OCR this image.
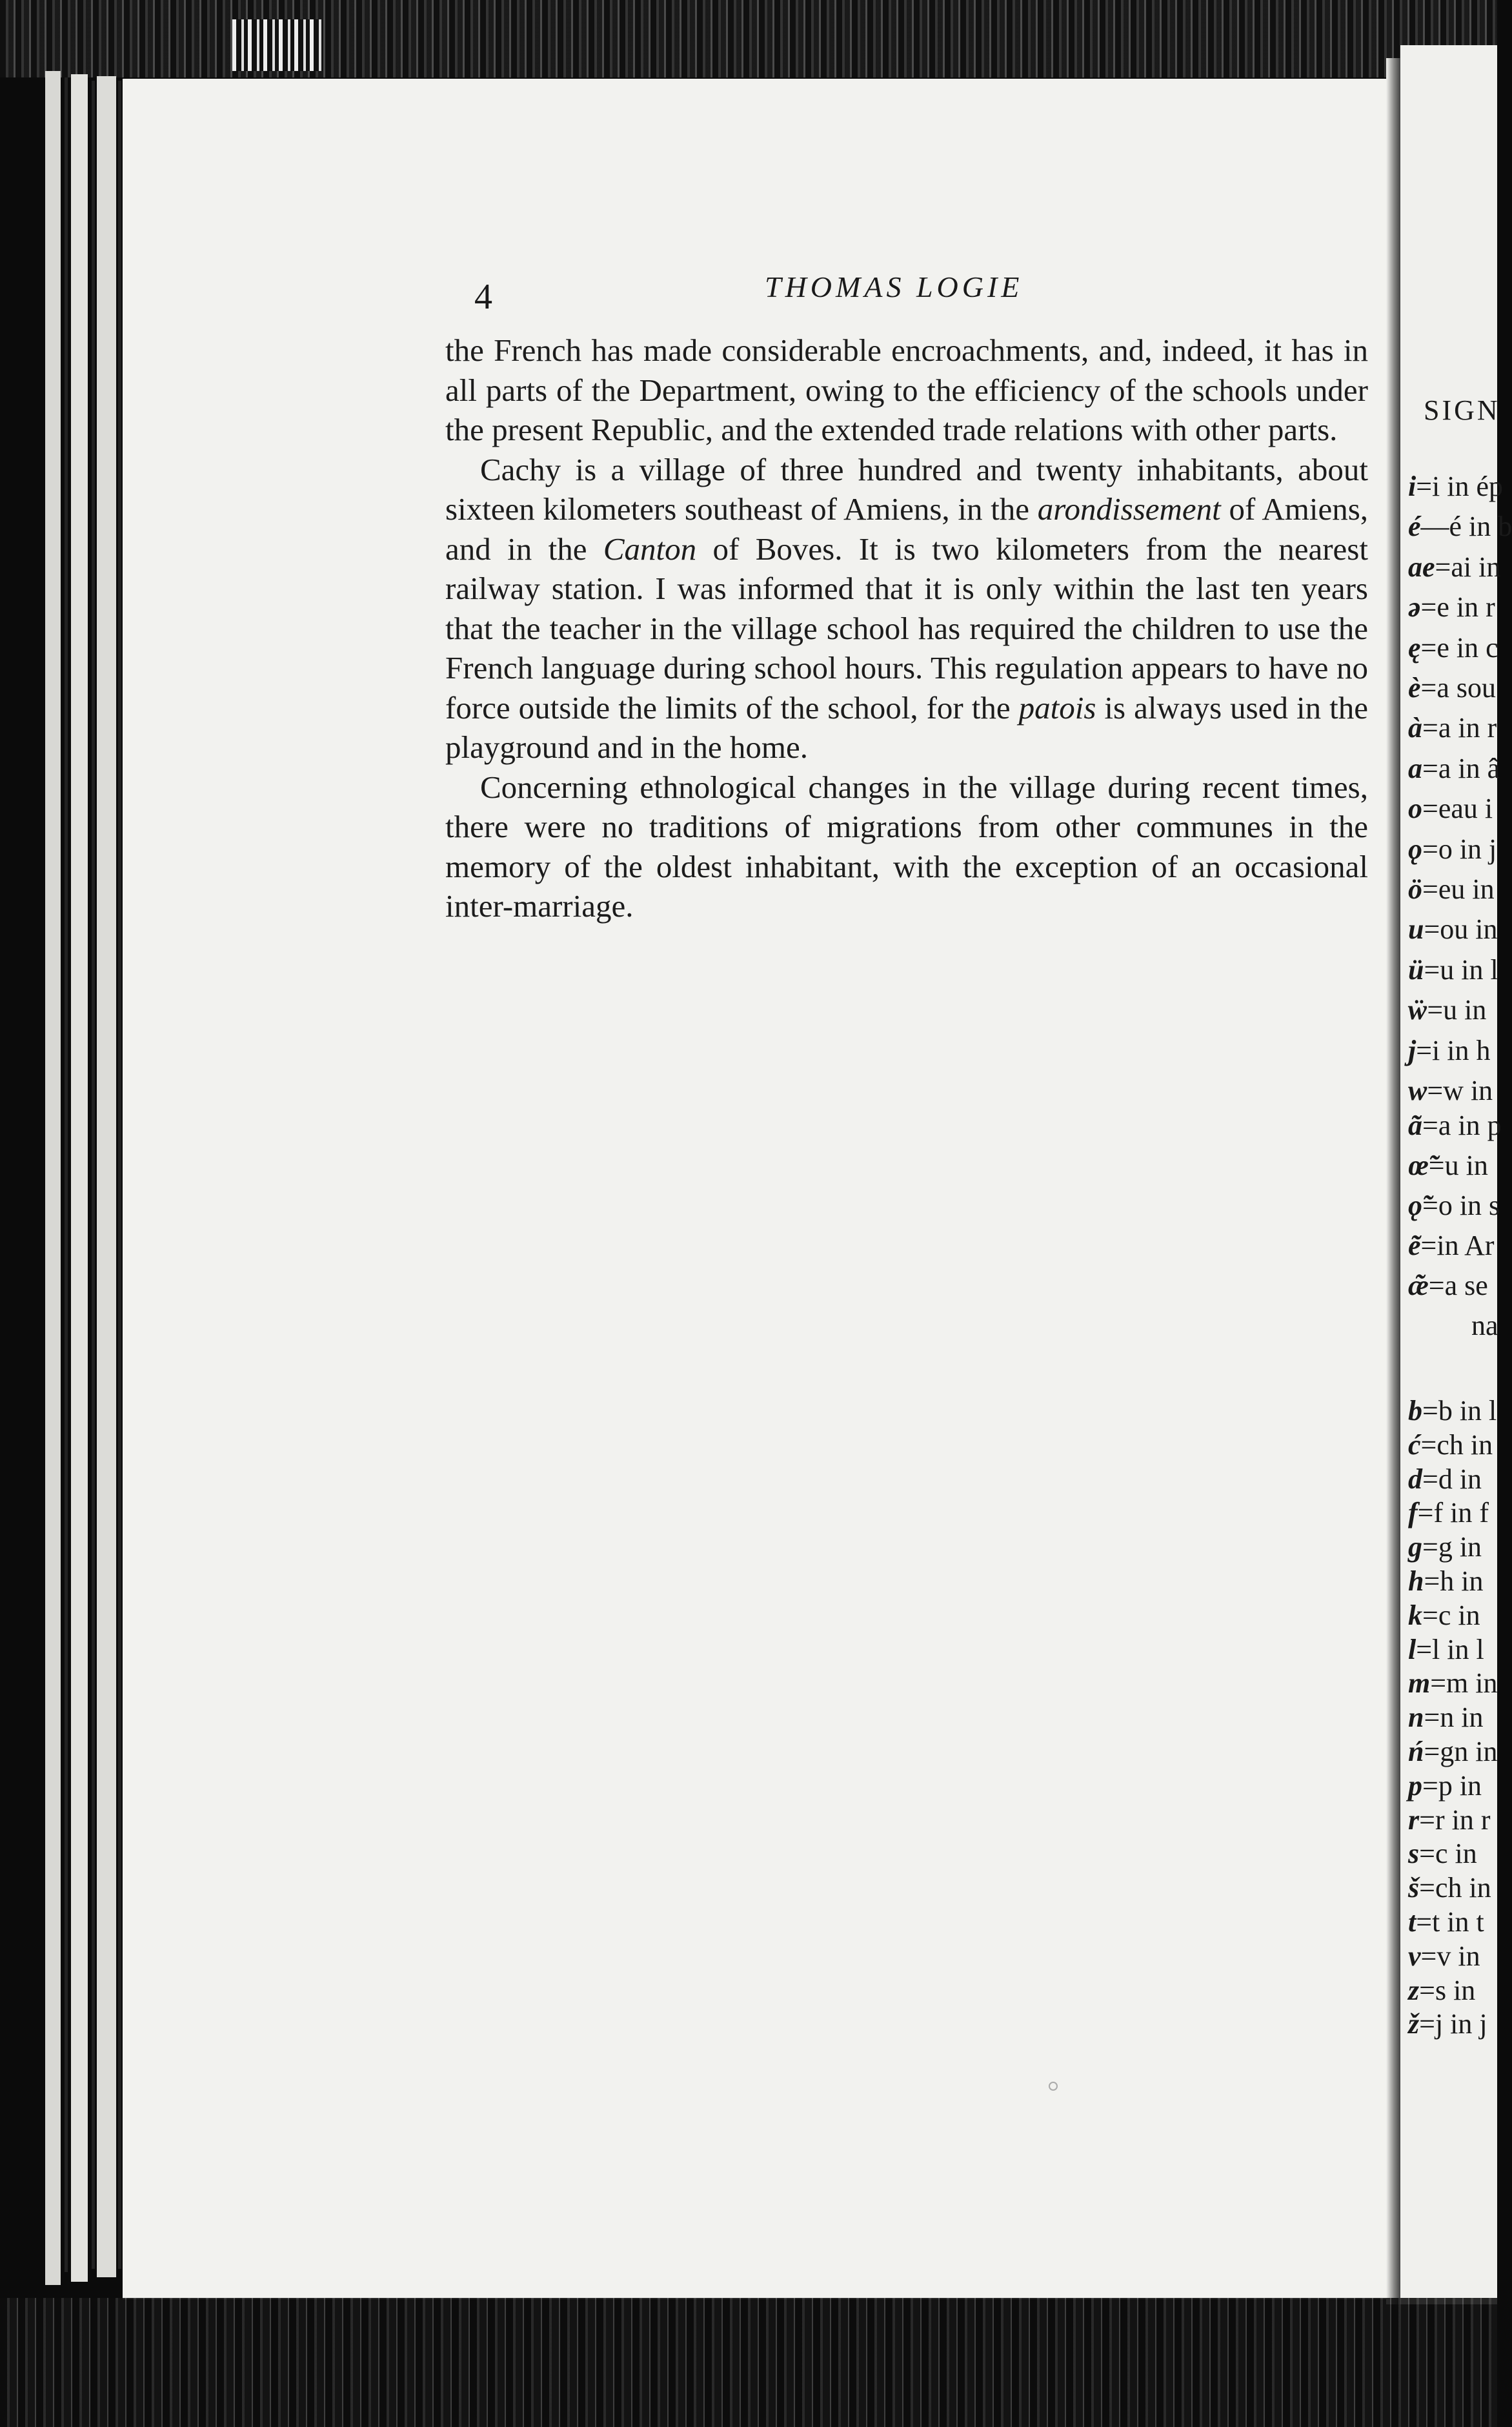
4	THOMAS LOGIE

the French has made considerable encroachments, and, indeed, it has in all parts of the Department, owing to the efficiency of the schools under the present Republic, and the extended trade relations with other parts.

Cachy is a village of three hundred and twenty inhabitants, about sixteen kilometers southeast of Amiens, in the arondissement of Amiens, and in the Canton of Boves. It is two kilometers from the nearest railway station. I was informed that it is only within the last ten years that the teacher in the village school has required the children to use the French language during school hours. This regulation appears to have no force outside the limits of the school, for the patois is always used in the playground and in the home.

Concerning ethnological changes in the village during recent times, there were no traditions of migrations from other communes in the memory of the oldest inhabitant, with the exception of an occasional inter-marriage.

SIGN
i=i in ép
é—é in b
ae=ai in
ə=e in r
ę=e in c
è=a sou
à=a in r
a=a in â
o=eau i
ǫ=o in j
ö=eu in
u=ou in
ü=u in l
ẅ=u in
j=i in h
w=w in
ã=a in p
œ̃=u in
ǫ̃=o in s
ẽ=in Ar
æ̃=a se
na
b=b in l
ć=ch in
d=d in
f=f in f
g=g in
h=h in
k=c in
l=l in l
m=m in
n=n in
ń=gn in
p=p in
r=r in r
s=c in
š=ch in
t=t in t
v=v in
z=s in
ž=j in j
